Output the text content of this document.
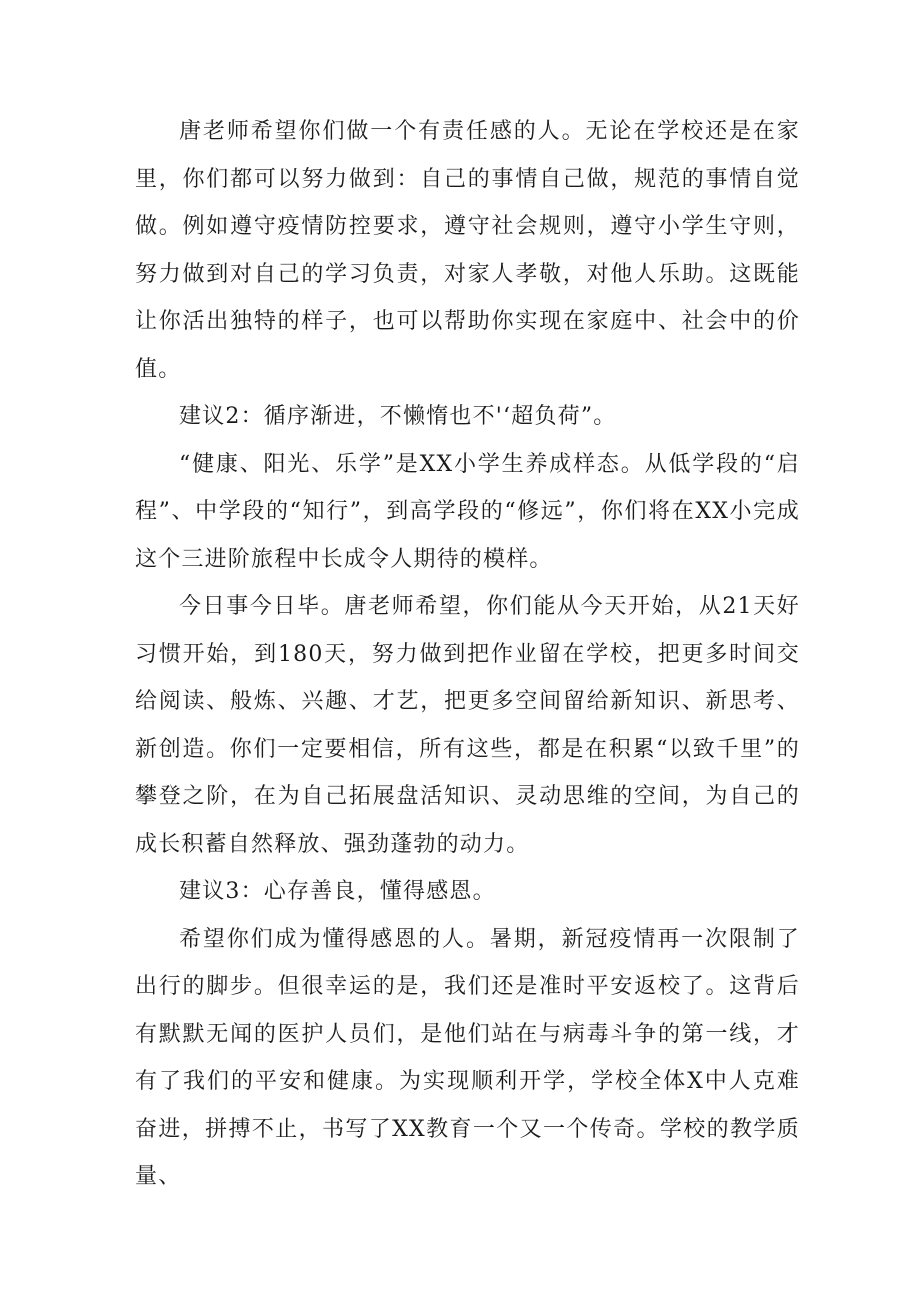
唐老师希望你们做一个有责任感的人。无论在学校还是在家里，你们都可以努力做到：自己的事情自己做，规范的事情自觉做。例如遵守疫情防控要求，遵守社会规则，遵守小学生守则，努力做到对自己的学习负责，对家人孝敬，对他人乐助。这既能让你活出独特的样子，也可以帮助你实现在家庭中、社会中的价值。

建议2：循序渐进，不懒惰也不'‘超负荷”。

“健康、阳光、乐学”是XX小学生养成样态。从低学段的“启程”、中学段的“知行”，到高学段的“修远”，你们将在XX小完成这个三进阶旅程中长成令人期待的模样。

今日事今日毕。唐老师希望，你们能从今天开始，从21天好习惯开始，到180天，努力做到把作业留在学校，把更多时间交给阅读、般炼、兴趣、才艺，把更多空间留给新知识、新思考、新创造。你们一定要相信，所有这些，都是在积累“以致千里”的攀登之阶，在为自己拓展盘活知识、灵动思维的空间，为自己的成长积蓄自然释放、强劲蓬勃的动力。

建议3：心存善良，懂得感恩。

希望你们成为懂得感恩的人。暑期，新冠疫情再一次限制了出行的脚步。但很幸运的是，我们还是准时平安返校了。这背后有默默无闻的医护人员们，是他们站在与病毒斗争的第一线，才有了我们的平安和健康。为实现顺利开学，学校全体X中人克难奋进，拼搏不止，书写了XX教育一个又一个传奇。学校的教学质量、
